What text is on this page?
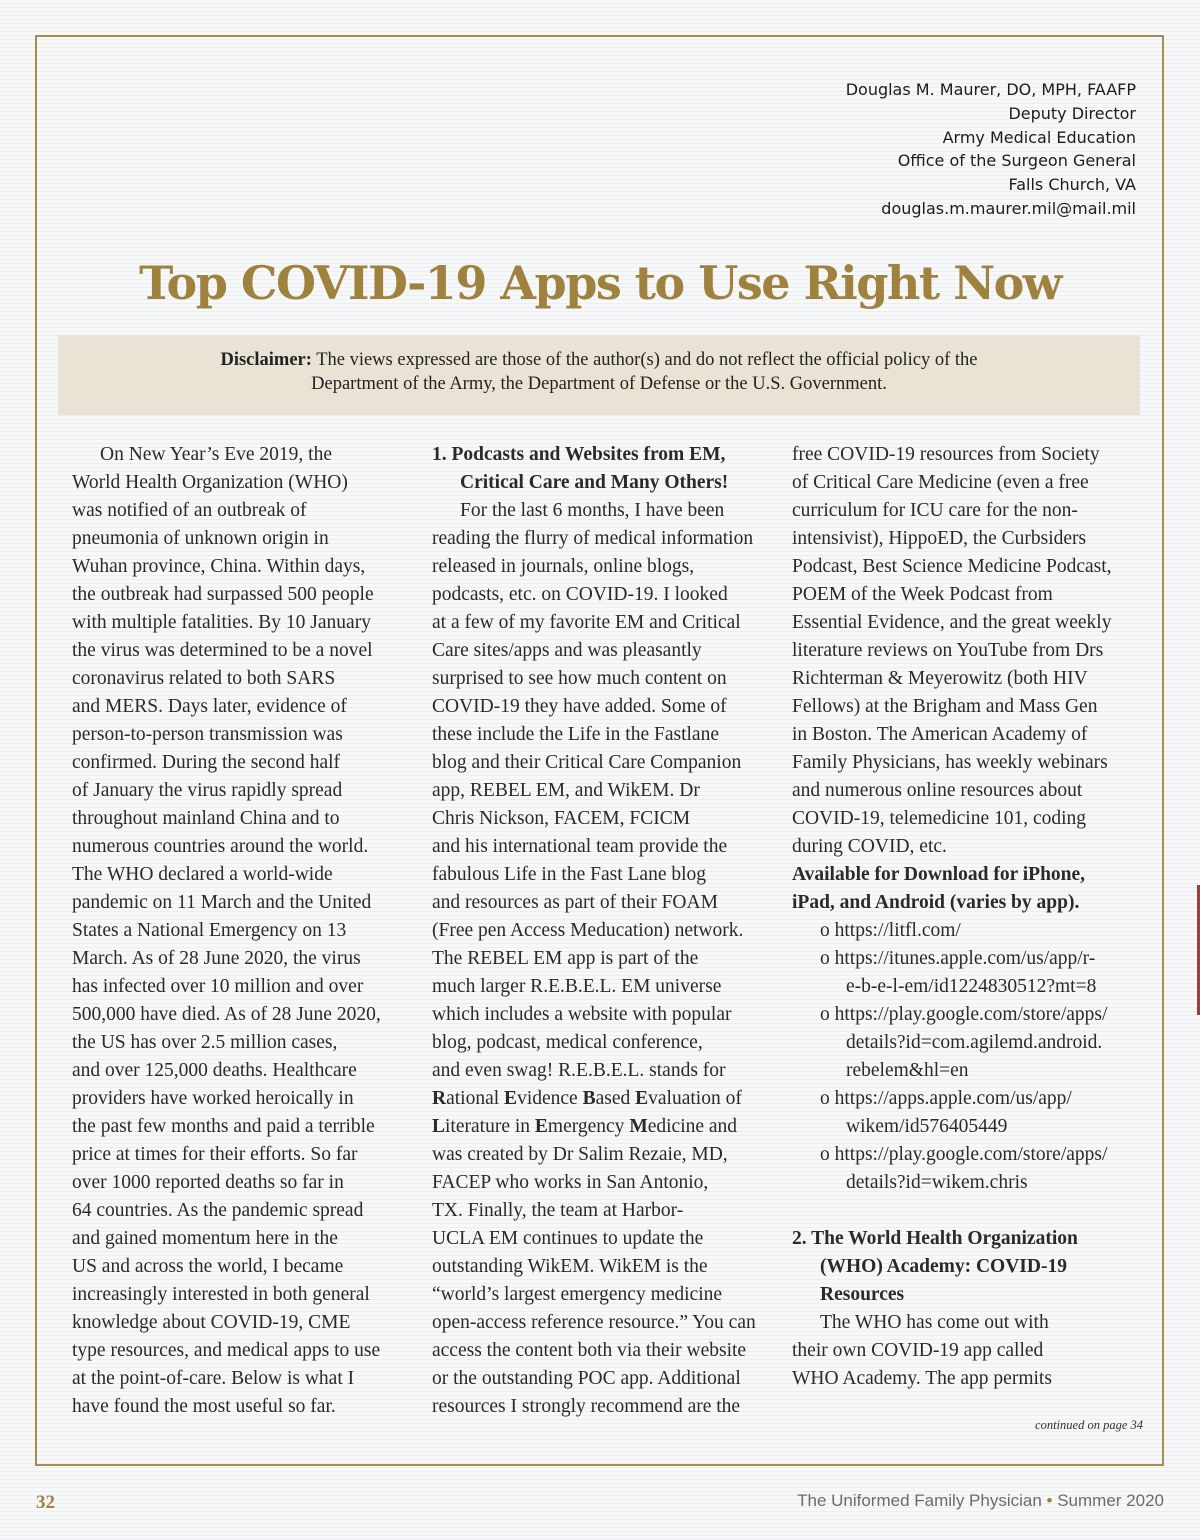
Douglas M. Maurer, DO, MPH, FAAFP
Deputy Director
Army Medical Education
Office of the Surgeon General
Falls Church, VA
douglas.m.maurer.mil@mail.mil
Top COVID-19 Apps to Use Right Now
Disclaimer: The views expressed are those of the author(s) and do not reflect the official policy of the
Department of the Army, the Department of Defense or the U.S. Government.
On New Year’s Eve 2019, the
World Health Organization (WHO)
was notified of an outbreak of
pneumonia of unknown origin in
Wuhan province, China. Within days,
the outbreak had surpassed 500 people
with multiple fatalities. By 10 January
the virus was determined to be a novel
coronavirus related to both SARS
and MERS. Days later, evidence of
person-to-person transmission was
confirmed. During the second half
of January the virus rapidly spread
throughout mainland China and to
numerous countries around the world.
The WHO declared a world-wide
pandemic on 11 March and the United
States a National Emergency on 13
March. As of 28 June 2020, the virus
has infected over 10 million and over
500,000 have died. As of 28 June 2020,
the US has over 2.5 million cases,
and over 125,000 deaths. Healthcare
providers have worked heroically in
the past few months and paid a terrible
price at times for their efforts. So far
over 1000 reported deaths so far in
64 countries. As the pandemic spread
and gained momentum here in the
US and across the world, I became
increasingly interested in both general
knowledge about COVID-19, CME
type resources, and medical apps to use
at the point-of-care. Below is what I
have found the most useful so far.
1. Podcasts and Websites from EM,
Critical Care and Many Others!
For the last 6 months, I have been
reading the flurry of medical information
released in journals, online blogs,
podcasts, etc. on COVID-19. I looked
at a few of my favorite EM and Critical
Care sites/apps and was pleasantly
surprised to see how much content on
COVID-19 they have added. Some of
these include the Life in the Fastlane
blog and their Critical Care Companion
app, REBEL EM, and WikEM. Dr
Chris Nickson, FACEM, FCICM
and his international team provide the
fabulous Life in the Fast Lane blog
and resources as part of their FOAM
(Free pen Access Meducation) network.
The REBEL EM app is part of the
much larger R.E.B.E.L. EM universe
which includes a website with popular
blog, podcast, medical conference,
and even swag! R.E.B.E.L. stands for
Rational Evidence Based Evaluation of
Literature in Emergency Medicine and
was created by Dr Salim Rezaie, MD,
FACEP who works in San Antonio,
TX. Finally, the team at Harbor-
UCLA EM continues to update the
outstanding WikEM. WikEM is the
“world’s largest emergency medicine
open-access reference resource.” You can
access the content both via their website
or the outstanding POC app. Additional
resources I strongly recommend are the
free COVID-19 resources from Society
of Critical Care Medicine (even a free
curriculum for ICU care for the non-
intensivist), HippoED, the Curbsiders
Podcast, Best Science Medicine Podcast,
POEM of the Week Podcast from
Essential Evidence, and the great weekly
literature reviews on YouTube from Drs
Richterman & Meyerowitz (both HIV
Fellows) at the Brigham and Mass Gen
in Boston. The American Academy of
Family Physicians, has weekly webinars
and numerous online resources about
COVID-19, telemedicine 101, coding
during COVID, etc.
Available for Download for iPhone,
iPad, and Android (varies by app).
o https://litfl.com/
o https://itunes.apple.com/us/app/r-
e-b-e-l-em/id1224830512?mt=8
o https://play.google.com/store/apps/
details?id=com.agilemd.android.
rebelem&hl=en
o https://apps.apple.com/us/app/
wikem/id576405449
o https://play.google.com/store/apps/
details?id=wikem.chris
2. The World Health Organization
(WHO) Academy: COVID-19
Resources
The WHO has come out with
their own COVID-19 app called
WHO Academy. The app permits
continued on page 34
32	The Uniformed Family Physician • Summer 2020
